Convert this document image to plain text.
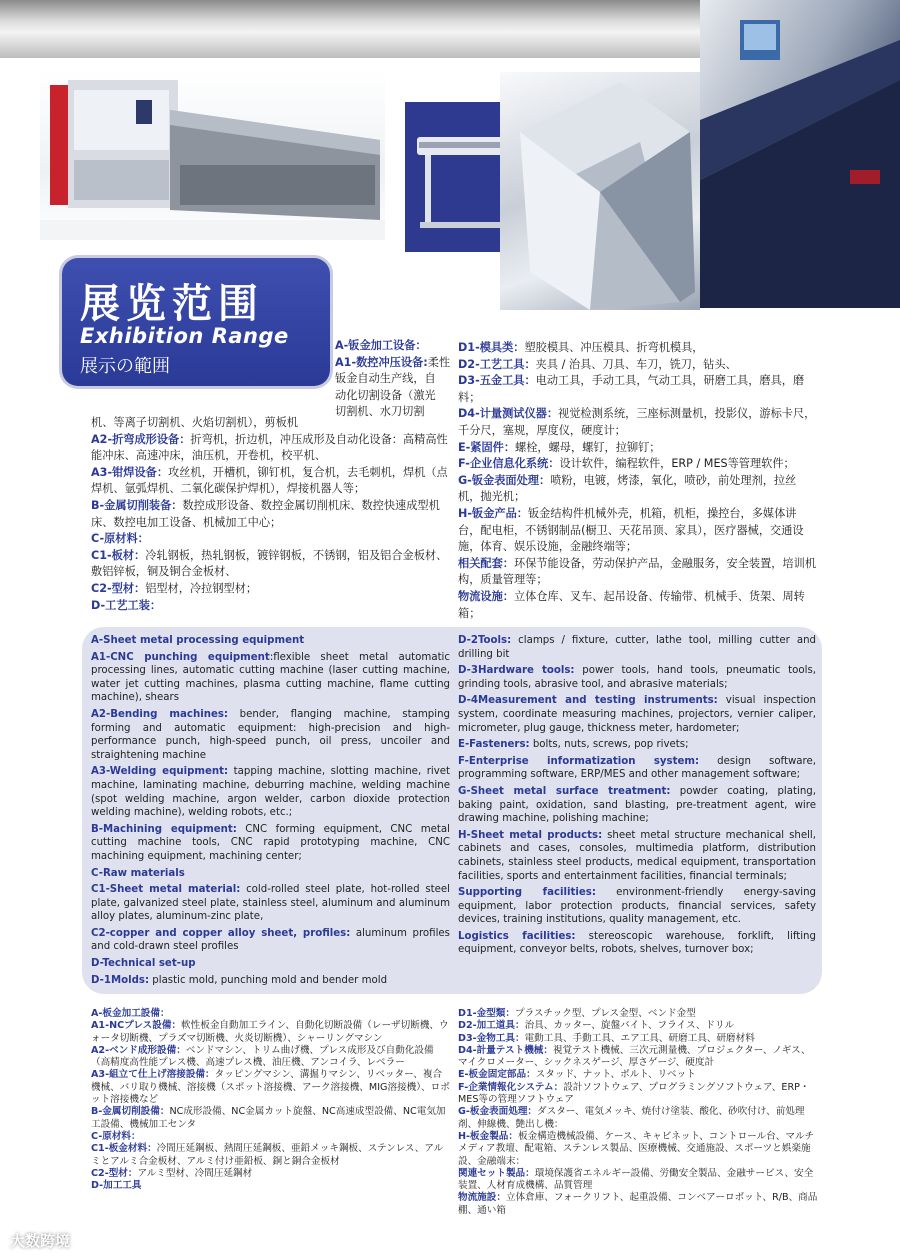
展览范围
Exhibition Range
展示の範囲

A-钣金加工设备：

A1-数控冲压设备:柔性

钣金自动生产线，自

动化切割设备（激光

切割机、水刀切割

机、等离子切割机、火焰切割机），剪板机

A2-折弯成形设备：折弯机，折边机，冲压成形及自动化设备：高精高性能冲床、高速冲床，油压机，开卷机，校平机、

A3-钳焊设备：攻丝机，开槽机，铆钉机，复合机，去毛刺机，焊机（点焊机、氩弧焊机、二氧化碳保护焊机），焊接机器人等；

B-金属切削装备：数控成形设备、数控金属切削机床、数控快速成型机床、数控电加工设备、机械加工中心；

C-原材料：

C1-板材：冷轧钢板，热轧钢板，镀锌钢板，不锈钢，铝及铝合金板材、敷铝锌板，铜及铜合金板材、

C2-型材：铝型材，冷拉钢型材；

D-工艺工装：

D1-模具类：塑胶模具、冲压模具、折弯机模具，

D2-工艺工具：夹具 / 治具、刀具、车刀，铣刀，钻头、

D3-五金工具：电动工具，手动工具，气动工具，研磨工具，磨具，磨料；

D4-计量测试仪器：视觉检测系统，三座标测量机，投影仪，游标卡尺，千分尺，塞规，厚度仪，硬度计；

E-紧固件：螺栓，螺母，螺钉，拉铆钉；

F-企业信息化系统：设计软件，编程软件，ERP / MES等管理软件；

G-钣金表面处理：喷粉，电镀，烤漆，氧化，喷砂，前处理剂，拉丝机，抛光机；

H-钣金产品：钣金结构件机械外壳，机箱，机柜，操控台，多媒体讲台，配电柜，不锈钢制品(橱卫、天花吊顶、家具），医疗器械，交通设施，体育、娱乐设施，金融终端等；

相关配套：环保节能设备，劳动保护产品，金融服务，安全装置，培训机构，质量管理等；

物流设施：立体仓库、叉车、起吊设备、传输带、机械手、货架、周转箱；

A-Sheet metal processing equipment

A1-CNC punching equipment:flexible sheet metal automatic processing lines, automatic cutting machine (laser cutting machine, water jet cutting machines, plasma cutting machine, flame cutting machine), shears

A2-Bending machines: bender, flanging machine, stamping forming and automatic equipment: high-precision and high-performance punch, high-speed punch, oil press, uncoiler and straightening machine

A3-Welding equipment: tapping machine, slotting machine, rivet machine, laminating machine, deburring machine, welding machine (spot welding machine, argon welder, carbon dioxide protection welding machine), welding robots, etc.;

B-Machining equipment: CNC forming equipment, CNC metal cutting machine tools, CNC rapid prototyping machine, CNC machining equipment, machining center;

C-Raw materials

C1-Sheet metal material: cold-rolled steel plate, hot-rolled steel plate, galvanized steel plate, stainless steel, aluminum and aluminum alloy plates, aluminum-zinc plate,

C2-copper and copper alloy sheet, profiles: aluminum profiles and cold-drawn steel profiles

D-Technical set-up

D-1Molds: plastic mold, punching mold and bender mold

D-2Tools: clamps / fixture, cutter, lathe tool, milling cutter and drilling bit

D-3Hardware tools: power tools, hand tools, pneumatic tools, grinding tools, abrasive tool, and abrasive materials;

D-4Measurement and testing instruments: visual inspection system, coordinate measuring machines, projectors, vernier caliper, micrometer, plug gauge, thickness meter, hardometer;

E-Fasteners: bolts, nuts, screws, pop rivets;

F-Enterprise informatization system: design software, programming software, ERP/MES and other management software;

G-Sheet metal surface treatment: powder coating, plating, baking paint, oxidation, sand blasting, pre-treatment agent, wire drawing machine, polishing machine;

H-Sheet metal products: sheet metal structure mechanical shell, cabinets and cases, consoles, multimedia platform, distribution cabinets, stainless steel products, medical equipment, transportation facilities, sports and entertainment facilities, financial terminals;

Supporting facilities: environment-friendly energy-saving equipment, labor protection products, financial services, safety devices, training institutions, quality management, etc.

Logistics facilities: stereoscopic warehouse, forklift, lifting equipment, conveyor belts, robots, shelves, turnover box;

A-板金加工設備：

A1-NCプレス設備：軟性板金自動加工ライン、自動化切断設備（レーザ切断機、ウォータ切断機、プラズマ切断機、火炎切断機）、シャーリングマシン

A2-ベンド成形設備：ベンドマシン、トリム曲げ機、プレス成形及び自動化設備（高精度高性能プレス機、高速プレス機、油圧機、アンコイラ、レベラー

A3-組立て仕上げ溶接設備：タッピングマシン、溝掘りマシン、リベッター、複合機械、バリ取り機械、溶接機（スポット溶接機、アーク溶接機、MIG溶接機）、ロボット溶接機など

B-金属切削設備：NC成形設備、NC金属カット旋盤、NC高速成型設備、NC電気加工設備、機械加工センタ

C-原材料：

C1-板金材料：冷間圧延鋼板、熱間圧延鋼板、亜鉛メッキ鋼板、ステンレス、アルミとアルミ合金板材、アルミ付け亜鉛板、銅と銅合金板材

C2-型材：アルミ型材、冷間圧延鋼材

D-加工工具

D1-金型類：プラスチック型、プレス金型、ベンド金型

D2-加工道具：治具、カッター、旋盤バイト、フライス、ドリル

D3-金物工具：電動工具、手動工具、エア工具、研磨工具、研磨材料

D4-計量テスト機械：視覚テスト機械、三次元測量機、プロジェクター、ノギス、マイクロメーター、シックネスゲージ、厚さゲージ、硬度計

E-板金固定部品：スタッド、ナット、ボルト、リベット

F-企業情報化システム：設計ソフトウェア、プログラミングソフトウェア、ERP・MES等の管理ソフトウェア

G-板金表面処理：ダスター、電気メッキ、焼付け塗装、酸化、砂吹付け、前処理剤、伸線機、艶出し機：

H-板金製品：板金構造機械設備、ケース、キャビネット、コントロール台、マルチメディア教壇、配電箱、ステンレス製品、医療機械、交通施設、スポーツと娯楽施設、金融端末：

関連セット製品：環境保護省エネルギー設備、労働安全製品、金融サービス、安全装置、人材育成機構、品質管理

物流施設：立体倉庫、フォークリフト、起重設備、コンベアーロボット、R/B、商品棚、通い箱

大数跨境
